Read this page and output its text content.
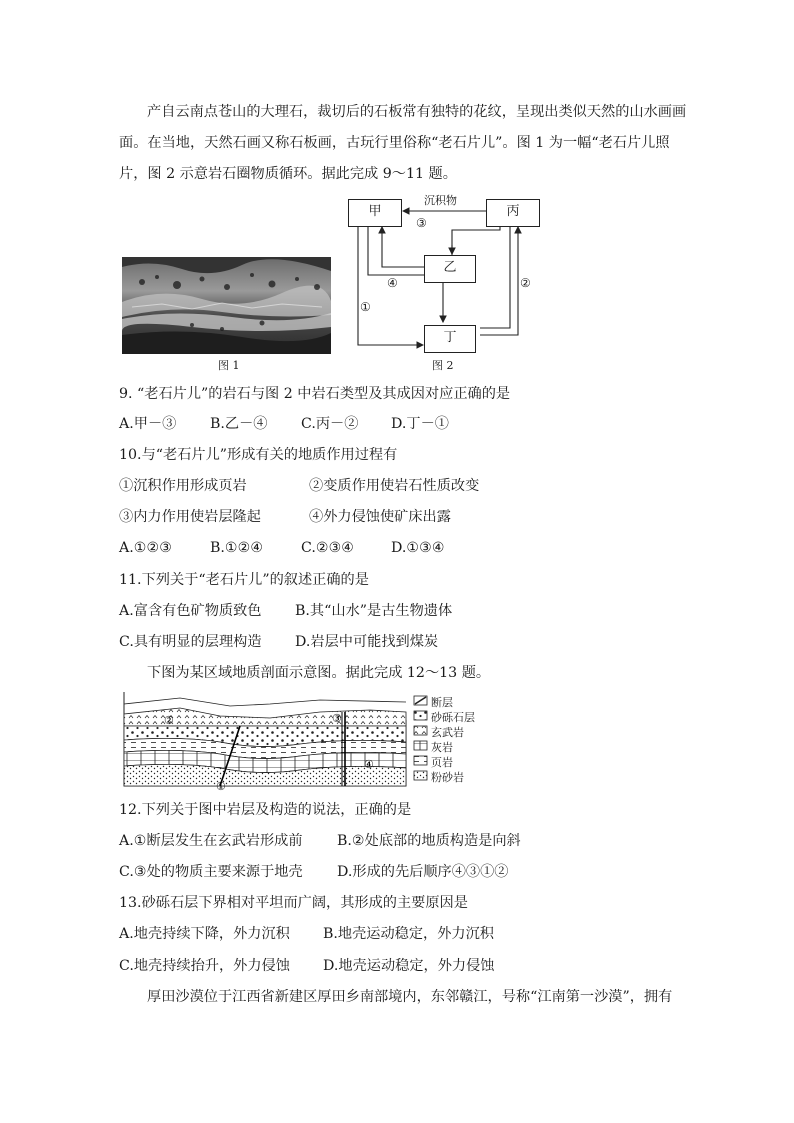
产自云南点苍山的大理石，裁切后的石板常有独特的花纹，呈现出类似天然的山水画画
面。在当地，天然石画又称石板画，古玩行里俗称“老石片儿”。图 1 为一幅“老石片儿照
片，图 2 示意岩石圈物质循环。据此完成 9～11 题。
图 1
甲	丙
乙
丁
沉积物
③
④
①
②
图 2
9. “老石片儿”的岩石与图 2 中岩石类型及其成因对应正确的是
A.甲－③ B.乙－④ C.丙－② D.丁－①
10.与“老石片儿”形成有关的地质作用过程有
①沉积作用形成页岩	②变质作用使岩石性质改变
③内力作用使岩层隆起	④外力侵蚀使矿床出露
A.①②③	B.①②④	C.②③④	D.①③④
11.下列关于“老石片儿”的叙述正确的是
A.富含有色矿物质致色 B.其“山水”是古生物遗体
C.具有明显的层理构造 D.岩层中可能找到煤炭
下图为某区域地质剖面示意图。据此完成 12～13 题。
②	③
④
①
断层
砂砾石层
玄武岩
灰岩
页岩
粉砂岩
12.下列关于图中岩层及构造的说法，正确的是
A.①断层发生在玄武岩形成前 B.②处底部的地质构造是向斜
C.③处的物质主要来源于地壳 D.形成的先后顺序④③①②
13.砂砾石层下界相对平坦而广阔，其形成的主要原因是
A.地壳持续下降，外力沉积 B.地壳运动稳定，外力沉积
C.地壳持续抬升，外力侵蚀 D.地壳运动稳定，外力侵蚀
厚田沙漠位于江西省新建区厚田乡南部境内，东邻赣江，号称“江南第一沙漠”，拥有
